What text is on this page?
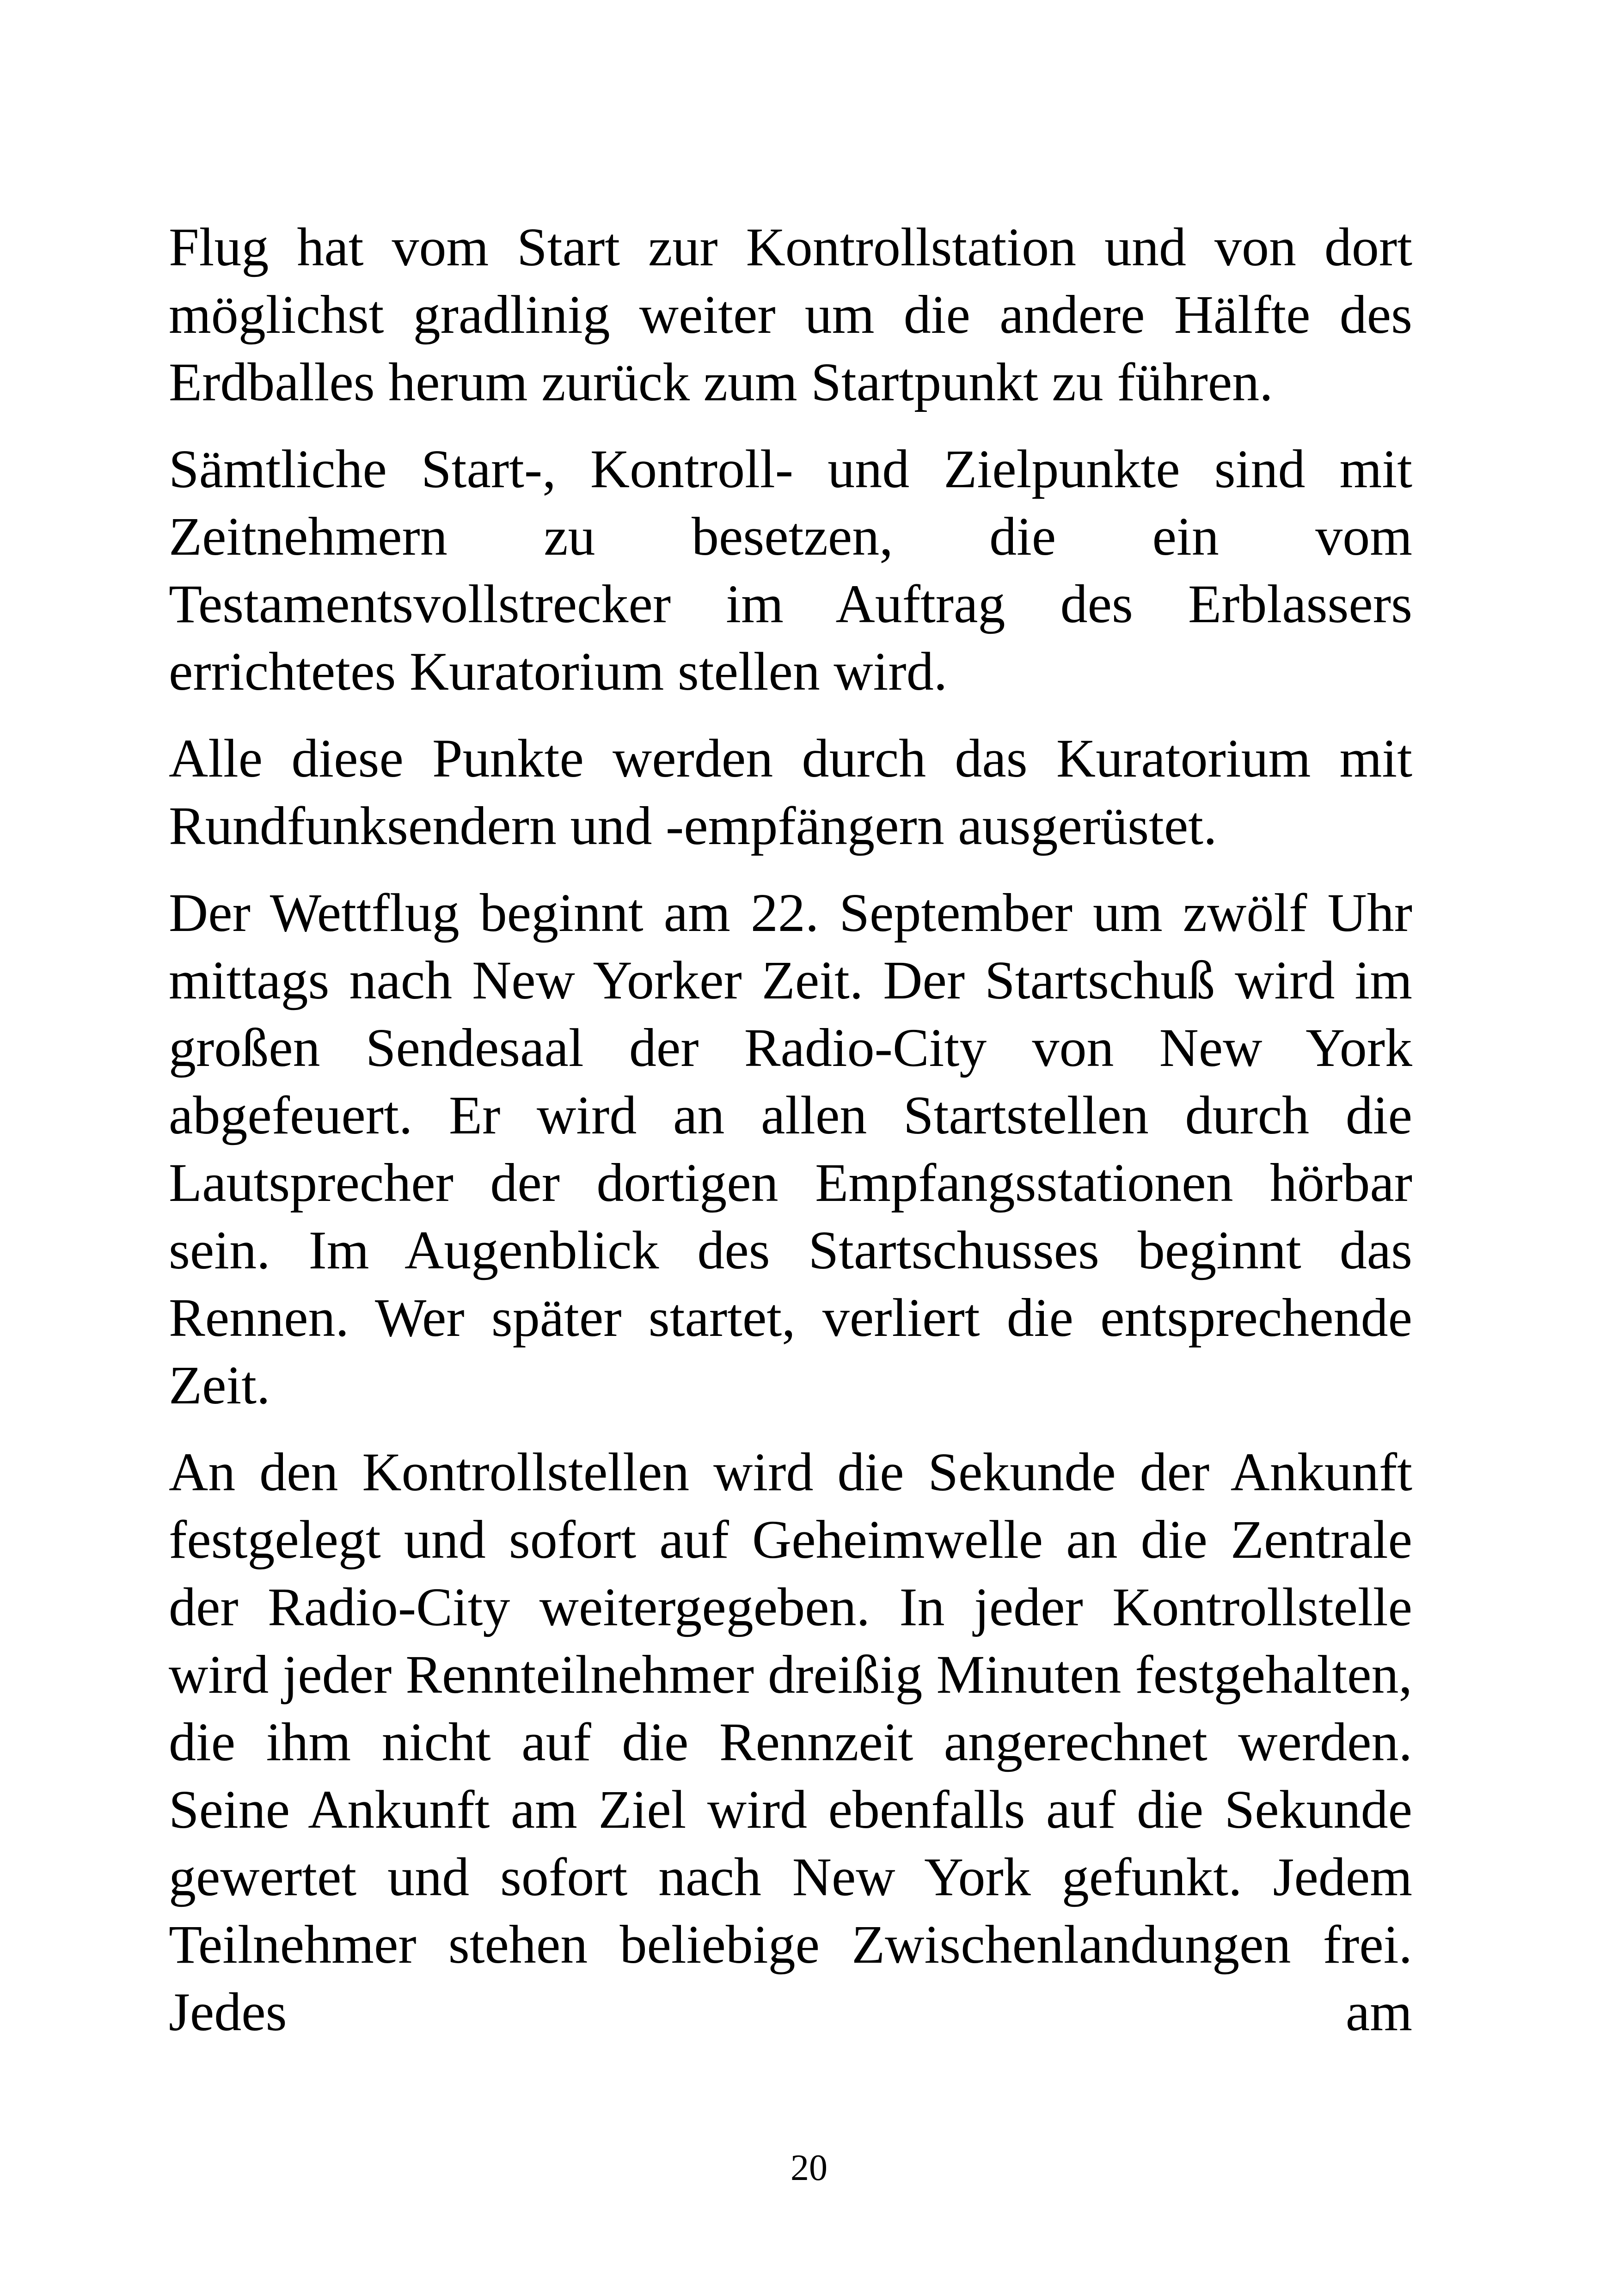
Flug hat vom Start zur Kontrollstation und von dort möglichst gradlinig weiter um die andere Hälfte des Erdballes herum zurück zum Startpunkt zu führen.

Sämtliche Start-, Kontroll- und Zielpunkte sind mit Zeitnehmern zu besetzen, die ein vom Testamentsvollstrecker im Auftrag des Erblassers errichtetes Kuratorium stellen wird.

Alle diese Punkte werden durch das Kuratorium mit Rundfunksendern und -empfängern ausgerüstet.

Der Wettflug beginnt am 22. September um zwölf Uhr mittags nach New Yorker Zeit. Der Startschuß wird im großen Sendesaal der Radio-City von New York abgefeuert. Er wird an allen Startstellen durch die Lautsprecher der dortigen Empfangsstationen hörbar sein. Im Augenblick des Startschusses beginnt das Rennen. Wer später startet, verliert die entsprechende Zeit.

An den Kontrollstellen wird die Sekunde der Ankunft festgelegt und sofort auf Geheimwelle an die Zentrale der Radio-City weitergegeben. In jeder Kontrollstelle wird jeder Rennteilnehmer dreißig Minuten festgehalten, die ihm nicht auf die Rennzeit angerechnet werden. Seine Ankunft am Ziel wird ebenfalls auf die Sekunde gewertet und sofort nach New York gefunkt. Jedem Teilnehmer stehen beliebige Zwischenlandungen frei. Jedes am

20
